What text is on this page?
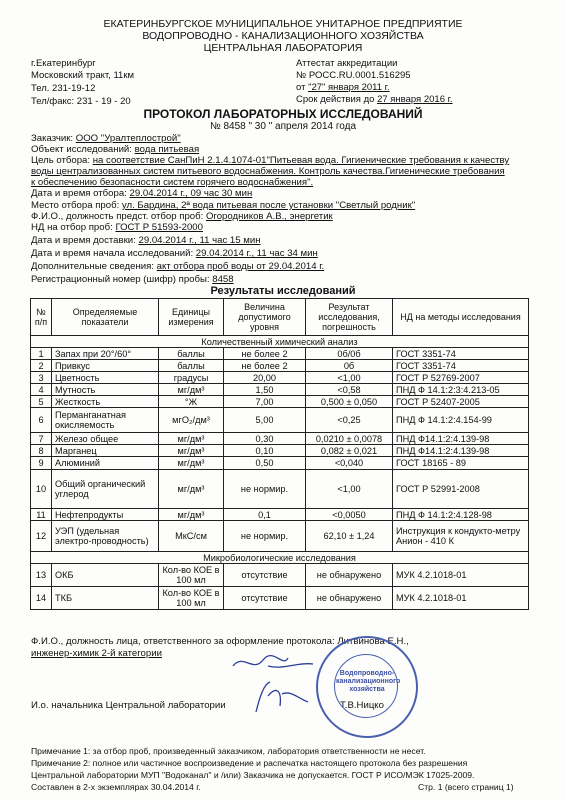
ЕКАТЕРИНБУРГСКОЕ МУНИЦИПАЛЬНОЕ УНИТАРНОЕ ПРЕДПРИЯТИЕ
ВОДОПРОВОДНО - КАНАЛИЗАЦИОННОГО ХОЗЯЙСТВА
ЦЕНТРАЛЬНАЯ ЛАБОРАТОРИЯ
г.Екатеринбург
Московский тракт, 11км
Тел. 231-19-12
Тел/факс: 231 - 19 - 20
Аттестат аккредитации
№ РОСС.RU.0001.516295
от "27" января 2011 г.
Срок действия до 27 января 2016 г.
ПРОТОКОЛ ЛАБОРАТОРНЫХ ИССЛЕДОВАНИЙ
№ 8458 " 30 " апреля 2014 года
Заказчик: ООО "Уралтеплострой"
Объект исследований: вода питьевая
Цель отбора: на соответствие СанПиН 2.1.4.1074-01"Питьевая вода. Гигиенические требования к качеству
воды централизованных систем питьевого водоснабжения. Контроль качества.Гигиенические требования
к обеспечению безопасности систем горячего водоснабжения".
Дата и время отбора: 29.04.2014 г., 09 час 30 мин
Место отбора проб: ул. Бардина, 2ª вода питьевая после установки "Светлый родник"
Ф.И.О., должность предст. отбор проб: Огородников А.В., энергетик
НД на отбор проб: ГОСТ Р 51593-2000
Дата и время доставки: 29.04.2014 г., 11 час 15 мин
Дата и время начала исследований: 29.04.2014 г., 11 час 34 мин
Дополнительные сведения: акт отбора проб воды от 29.04.2014 г.
Регистрационный номер (шифр) пробы: 8458
Результаты исследований
№ п/п	Определяемые показатели	Единицы измерения	Величина допустимого уровня	Результат исследования, погрешность	НД на методы исследования
Количественный химический анализ					
1	Запах при 20°/60°	баллы	не более 2	0б/0б	ГОСТ 3351-74
2	Привкус	баллы	не более 2	0б	ГОСТ 3351-74
3	Цветность	градусы	20,00	<1,00	ГОСТ Р 52769-2007
4	Мутность	мг/дм³	1,50	<0,58	ПНД Ф 14.1:2:3:4.213-05
5	Жесткость	°Ж	7,00	0,500 ± 0,050	ГОСТ Р 52407-2005
6	Перманганатная окисляемость	мгО₂/дм³	5,00	<0,25	ПНД Ф 14.1:2:4.154-99
7	Железо общее	мг/дм³	0,30	0,0210 ± 0,0078	ПНД Ф14.1:2:4.139-98
8	Марганец	мг/дм³	0,10	0,082 ± 0,021	ПНД Ф14.1:2:4.139-98
9	Алюминий	мг/дм³	0,50	<0,040	ГОСТ 18165 - 89
10	Общий органический углерод	мг/дм³	не нормир.	<1,00	ГОСТ Р 52991-2008
11	Нефтепродукты	мг/дм³	0,1	<0,0050	ПНД Ф 14.1:2:4.128-98
12	УЭП (удельная электро-проводность)	МкС/см	не нормир.	62,10 ± 1,24	Инструкция к кондукто-метру Анион - 410 К
Микробиологические исследования					
13	ОКБ	Кол-во КОЕ в 100 мл	отсутствие	не обнаружено	МУК 4.2.1018-01
14	ТКБ	Кол-во КОЕ в 100 мл	отсутствие	не обнаружено	МУК 4.2.1018-01
Ф.И.О., должность лица, ответственного за оформление протокола: Литвинова Е.Н.,
инженер-химик 2-й категории
И.о. начальника Центральной лаборатории	Т.В.Ницко
Водопроводно-канализационного хозяйства
Примечание 1: за отбор проб, произведенный заказчиком, лаборатория ответственности не несет.
Примечание 2: полное или частичное воспроизведение и распечатка настоящего протокола без разрешения
Центральной лаборатории МУП "Водоканал" и /или) Заказчика не допускается. ГОСТ Р ИСО/МЭК 17025-2009.
Составлен в 2-х экземплярах 30.04.2014 г.	Стр. 1 (всего страниц 1)
